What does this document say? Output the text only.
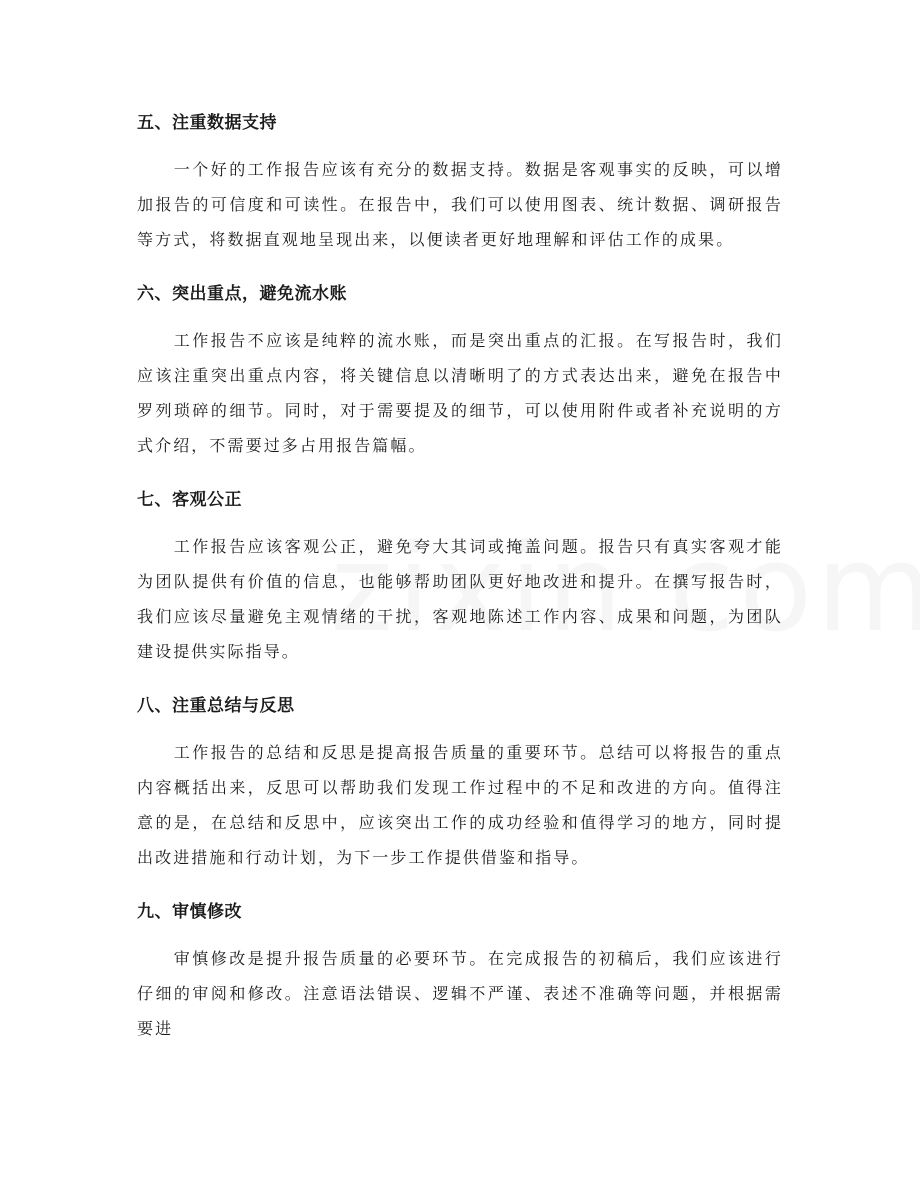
五、注重数据支持

一个好的工作报告应该有充分的数据支持。数据是客观事实的反映，可以增加报告的可信度和可读性。在报告中，我们可以使用图表、统计数据、调研报告等方式，将数据直观地呈现出来，以便读者更好地理解和评估工作的成果。

六、突出重点，避免流水账

工作报告不应该是纯粹的流水账，而是突出重点的汇报。在写报告时，我们应该注重突出重点内容，将关键信息以清晰明了的方式表达出来，避免在报告中罗列琐碎的细节。同时，对于需要提及的细节，可以使用附件或者补充说明的方式介绍，不需要过多占用报告篇幅。

七、客观公正

工作报告应该客观公正，避免夸大其词或掩盖问题。报告只有真实客观才能为团队提供有价值的信息，也能够帮助团队更好地改进和提升。在撰写报告时，我们应该尽量避免主观情绪的干扰，客观地陈述工作内容、成果和问题，为团队建设提供实际指导。

八、注重总结与反思

工作报告的总结和反思是提高报告质量的重要环节。总结可以将报告的重点内容概括出来，反思可以帮助我们发现工作过程中的不足和改进的方向。值得注意的是，在总结和反思中，应该突出工作的成功经验和值得学习的地方，同时提出改进措施和行动计划，为下一步工作提供借鉴和指导。

九、审慎修改

审慎修改是提升报告质量的必要环节。在完成报告的初稿后，我们应该进行仔细的审阅和修改。注意语法错误、逻辑不严谨、表述不准确等问题，并根据需要进
